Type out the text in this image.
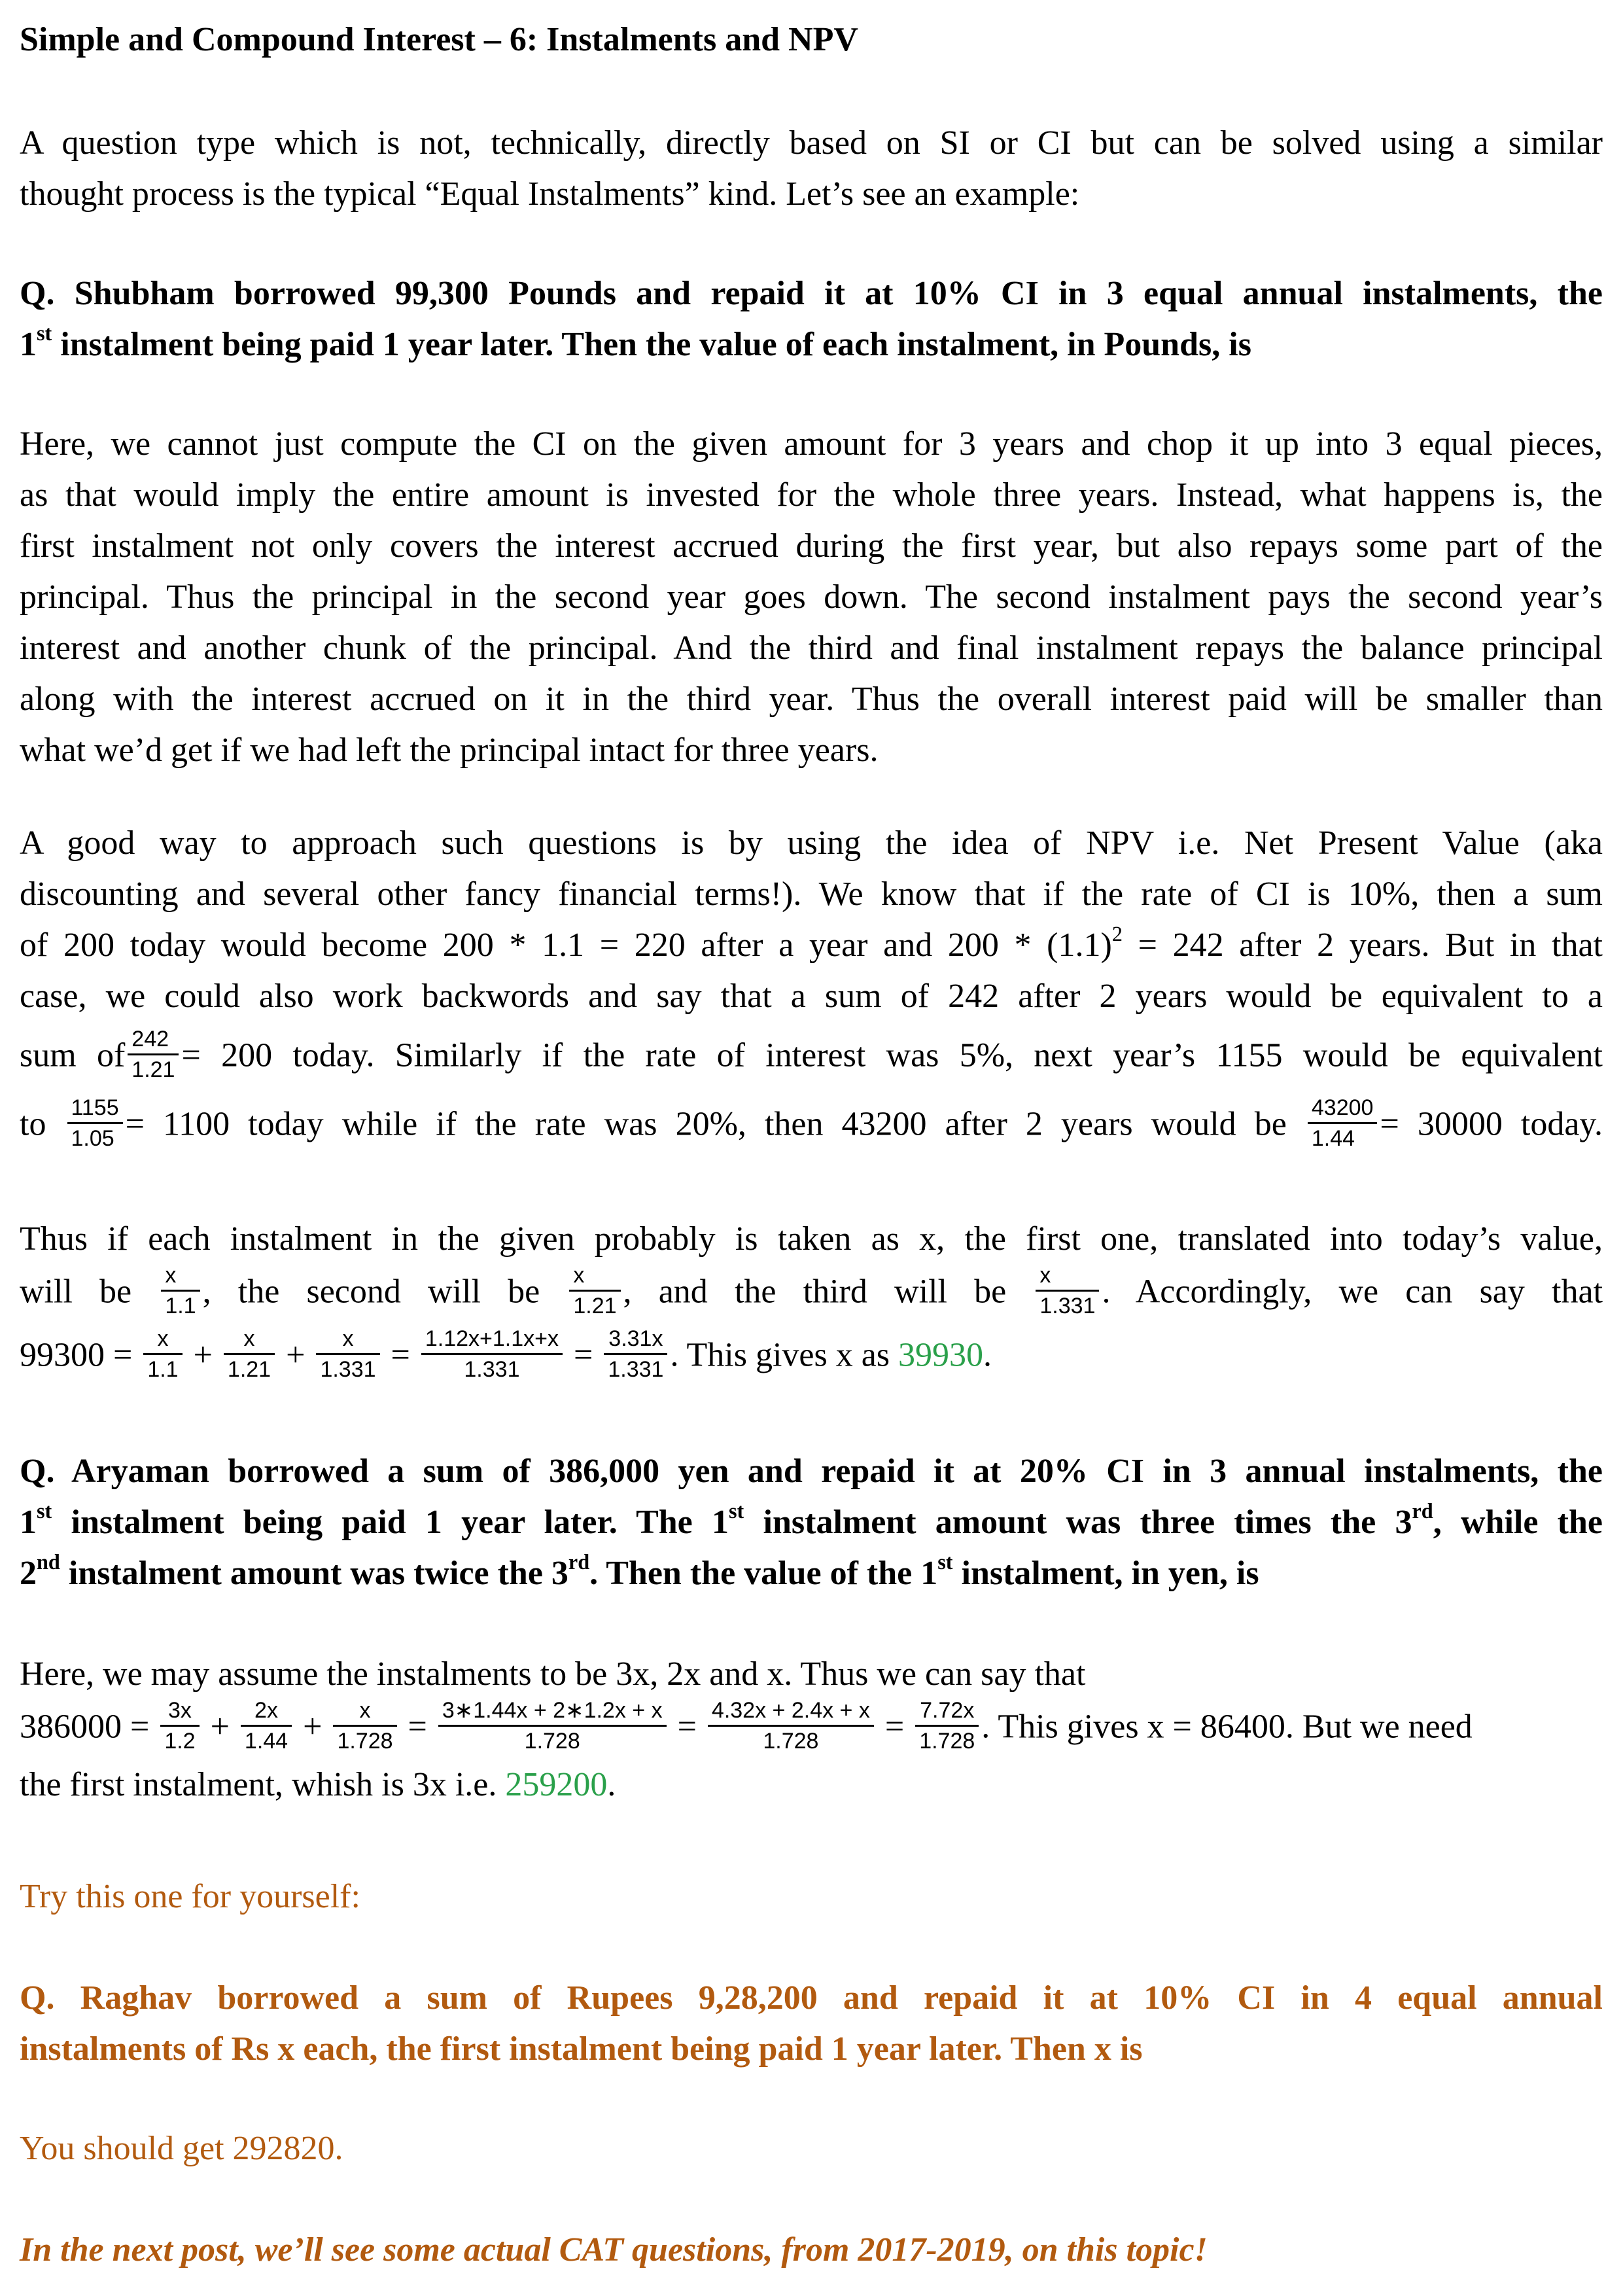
Simple and Compound Interest – 6: Instalments and NPV
A question type which is not, technically, directly based on SI or CI but can be solved using a similar
thought process is the typical “Equal Instalments” kind. Let’s see an example:
Q. Shubham borrowed 99,300 Pounds and repaid it at 10% CI in 3 equal annual instalments, the
1st instalment being paid 1 year later. Then the value of each instalment, in Pounds, is
Here, we cannot just compute the CI on the given amount for 3 years and chop it up into 3 equal pieces,
as that would imply the entire amount is invested for the whole three years. Instead, what happens is, the
first instalment not only covers the interest accrued during the first year, but also repays some part of the
principal. Thus the principal in the second year goes down. The second instalment pays the second year’s
interest and another chunk of the principal. And the third and final instalment repays the balance principal
along with the interest accrued on it in the third year. Thus the overall interest paid will be smaller than
what we’d get if we had left the principal intact for three years.
A good way to approach such questions is by using the idea of NPV i.e. Net Present Value (aka
discounting and several other fancy financial terms!). We know that if the rate of CI is 10%, then a sum
of 200 today would become 200 * 1.1 = 220 after a year and $200 * (1.1)^2 = 242$ after 2 years. But in that
case, we could also work backwords and say that a sum of 242 after 2 years would be equivalent to a
sum of $\frac{242}{1.21} = 200$ today. Similarly if the rate of interest was 5%, next year’s 1155 would be equivalent
to $\frac{1155}{1.05} = 1100$ today while if the rate was 20%, then 43200 after 2 years would be $\frac{43200}{1.44} = 30000$ today.
Thus if each instalment in the given probably is taken as x, the first one, translated into today’s value,
will be $\frac{x}{1.1}$ , the second will be $\frac{x}{1.21}$ , and the third will be $\frac{x}{1.331}$ . Accordingly, we can say that
$99300 = \frac{x}{1.1} + \frac{x}{1.21} + \frac{x}{1.331} = \frac{1.12x+1.1x+x}{1.331} = \frac{3.31x}{1.331}$ . This gives x as 39930.
Q. Aryaman borrowed a sum of 386,000 yen and repaid it at 20% CI in 3 annual instalments, the
1st instalment being paid 1 year later. The 1st instalment amount was three times the 3rd, while the
2nd instalment amount was twice the 3rd. Then the value of the 1st instalment, in yen, is
Here, we may assume the instalments to be 3x, 2x and x. Thus we can say that
$386000 = \frac{3x}{1.2} + \frac{2x}{1.44} + \frac{x}{1.728} = \frac{3∗1.44x + 2∗1.2x + x}{1.728} = \frac{4.32x + 2.4x + x}{1.728} = \frac{7.72x}{1.728}$ . This gives x = 86400. But we need
the first instalment, whish is 3x i.e. 259200.
Try this one for yourself:
Q. Raghav borrowed a sum of Rupees 9,28,200 and repaid it at 10% CI in 4 equal annual
instalments of Rs x each, the first instalment being paid 1 year later. Then x is
You should get 292820.
In the next post, we’ll see some actual CAT questions, from 2017-2019, on this topic!
